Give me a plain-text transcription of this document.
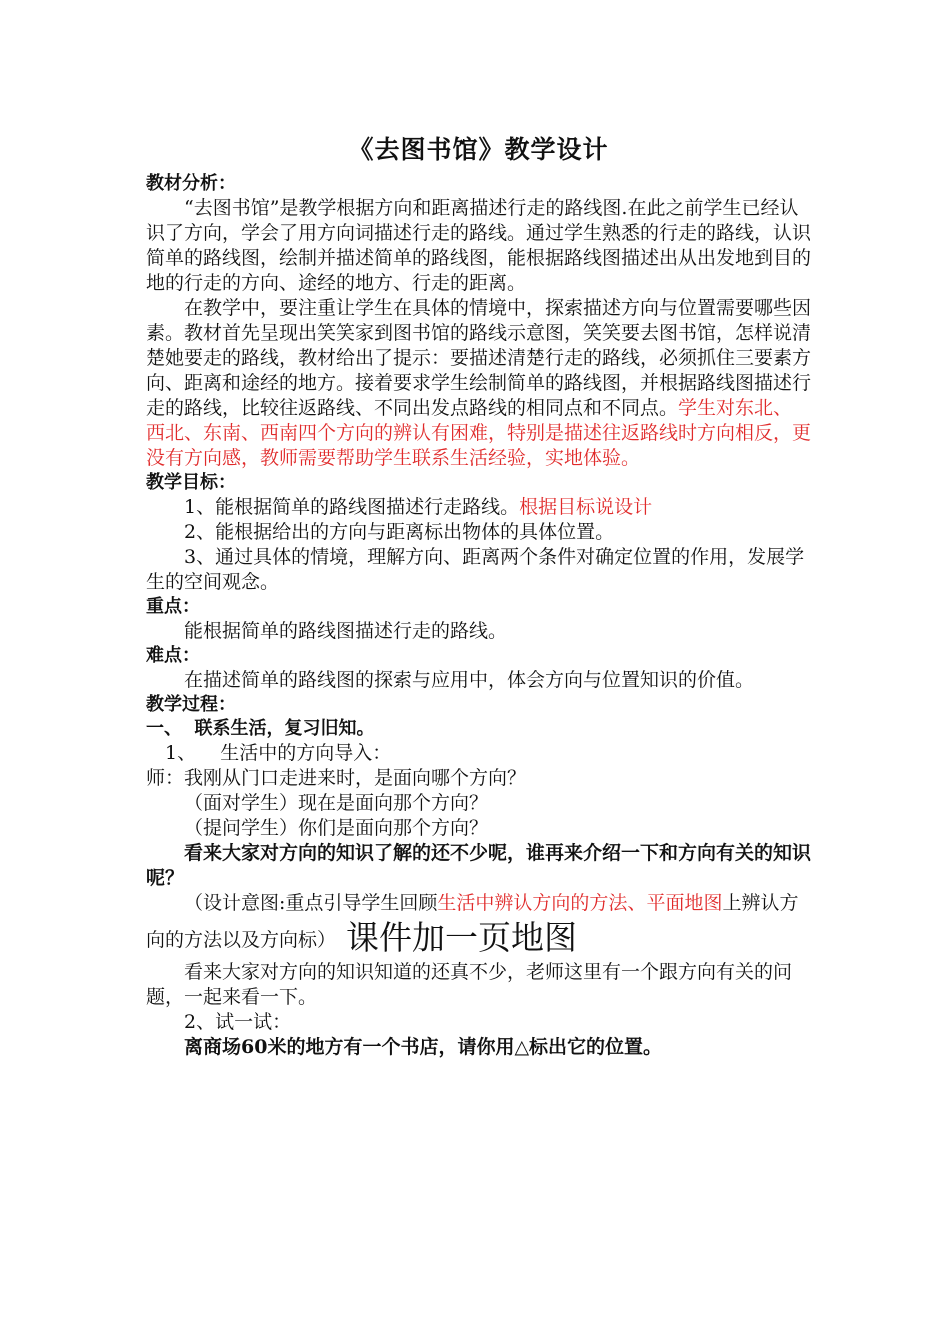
《去图书馆》教学设计

教材分析：

“去图书馆”是教学根据方向和距离描述行走的路线图.在此之前学生已经认识了方向，学会了用方向词描述行走的路线。通过学生熟悉的行走的路线，认识简单的路线图，绘制并描述简单的路线图，能根据路线图描述出从出发地到目的地的行走的方向、途经的地方、行走的距离。

在教学中，要注重让学生在具体的情境中，探索描述方向与位置需要哪些因素。教材首先呈现出笑笑家到图书馆的路线示意图，笑笑要去图书馆，怎样说清楚她要走的路线，教材给出了提示：要描述清楚行走的路线，必须抓住三要素方向、距离和途经的地方。接着要求学生绘制简单的路线图，并根据路线图描述行走的路线，比较往返路线、不同出发点路线的相同点和不同点。学生对东北、西北、东南、西南四个方向的辨认有困难，特别是描述往返路线时方向相反，更没有方向感，教师需要帮助学生联系生活经验，实地体验。

教学目标：

1、能根据简单的路线图描述行走路线。根据目标说设计

2、能根据给出的方向与距离标出物体的具体位置。

3、通过具体的情境，理解方向、距离两个条件对确定位置的作用，发展学生的空间观念。

重点：

能根据简单的路线图描述行走的路线。

难点：

在描述简单的路线图的探索与应用中，体会方向与位置知识的价值。

教学过程：

一、  联系生活，复习旧知。

1、    生活中的方向导入：

师：我刚从门口走进来时，是面向哪个方向？

（面对学生）现在是面向那个方向？

（提问学生）你们是面向那个方向？

看来大家对方向的知识了解的还不少呢，谁再来介绍一下和方向有关的知识呢？

（设计意图:重点引导学生回顾生活中辨认方向的方法、平面地图上辨认方向的方法以及方向标） 课件加一页地图

看来大家对方向的知识知道的还真不少，老师这里有一个跟方向有关的问题，一起来看一下。

2、试一试：

离商场60米的地方有一个书店，请你用△标出它的位置。
